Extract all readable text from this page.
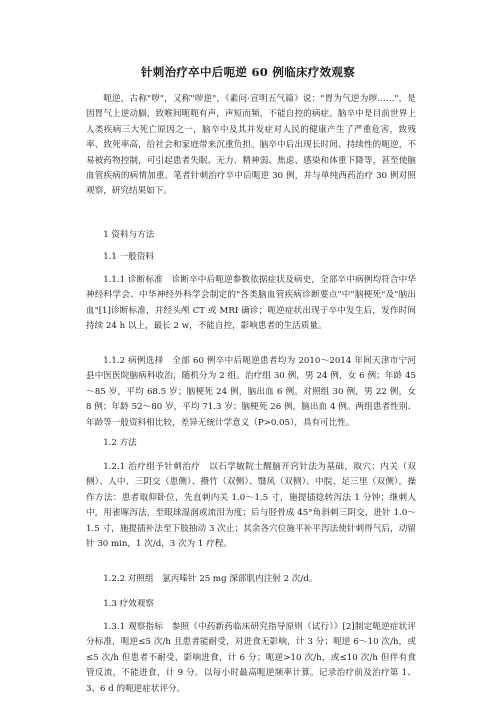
针刺治疗卒中后呃逆 60 例临床疗效观察
呃逆，古称"哕"，又称"哕逆"，《素问·宣明五气篇》说："胃为气逆为哕……"，是因胃气上逆动膈，致喉间呃呃有声，声短而频，不能自控的病症。脑卒中是目前世界上人类疾病三大死亡原因之一，脑卒中及其并发症对人民的健康产生了严重危害，致残率、致死率高，给社会和家庭带来沉重负担。脑卒中后出现长时间、持续性的呃逆，不易被药物控制，可引起患者失眠、无力、精神弱、焦虑、感染和体重下降等，甚至使脑血管疾病的病情加重。笔者针刺治疗卒中后呃逆 30 例，并与单纯西药治疗 30 例对照观察，研究结果如下。
1 资料与方法
1.1 一般资料
1.1.1 诊断标准　诊断卒中后呃逆参数依据症状及病史，全部卒中病例均符合中华神经科学会、中华神经外科学会制定的"各类脑血管疾病诊断要点"中"脑梗死"及"脑出血"[1]诊断标准，并经头颅 CT 或 MRI 确诊；呃逆症状出现于卒中发生后，发作时间持续 24 h 以上，最长 2 w，不能自控，影响患者的生活质量。
1.1.2 病例选择　全部 60 例卒中后呃逆患者均为 2010～2014 年间天津市宁河县中医医院脑病科收治，随机分为 2 组。治疗组 30 例，男 24 例，女 6 例；年龄 45～85 岁，平均 68.5 岁；脑梗死 24 例，脑出血 6 例。对照组 30 例，男 22 例，女 8 例；年龄 52～80 岁，平均 71.3 岁；脑梗死 26 例，脑出血 4 例。两组患者性别、年龄等一般资料相比较，差异无统计学意义（P>0.05），具有可比性。
1.2 方法
1.2.1 治疗组予针刺治疗　以石学敏院士醒脑开窍针法为基础，取穴：内关（双侧）、人中、三阴交（患侧）、攒竹（双侧）、翳风（双侧）、中脘、足三里（双侧）。操作方法：患者取仰卧位，先直刺内关 1.0～1.5 寸，施提插捻转泻法 1 分钟；继刺人中，用雀啄泻法，至眼球湿润或流泪为度；后与胫骨成 45°角斜刺三阴交，进针 1.0～1.5 寸，施提插补法至下肢抽动 3 次止；其余各穴位施平补平泻法使针刺得气后，动留针 30 min，1 次/d，3 次为 1 疗程。
1.2.2 对照组　氯丙嗪针 25 mg 深部肌内注射 2 次/d。
1.3 疗效观察
1.3.1 观察指标　参照《中药新药临床研究指导原则（试行）》[2]制定呃逆症状评分标准，呃逆≤5 次/h 且患者能耐受，对进食无影响，计 3 分；呃逆 6～10 次/h，或≤5 次/h 但患者不耐受，影响进食，计 6 分；呃逆>10 次/h，或≤10 次/h 但伴有食管反流，不能进食，计 9 分。以每小时最高呃逆频率计算。记录治疗前及治疗第 1、3、6 d 的呃逆症状评分。
